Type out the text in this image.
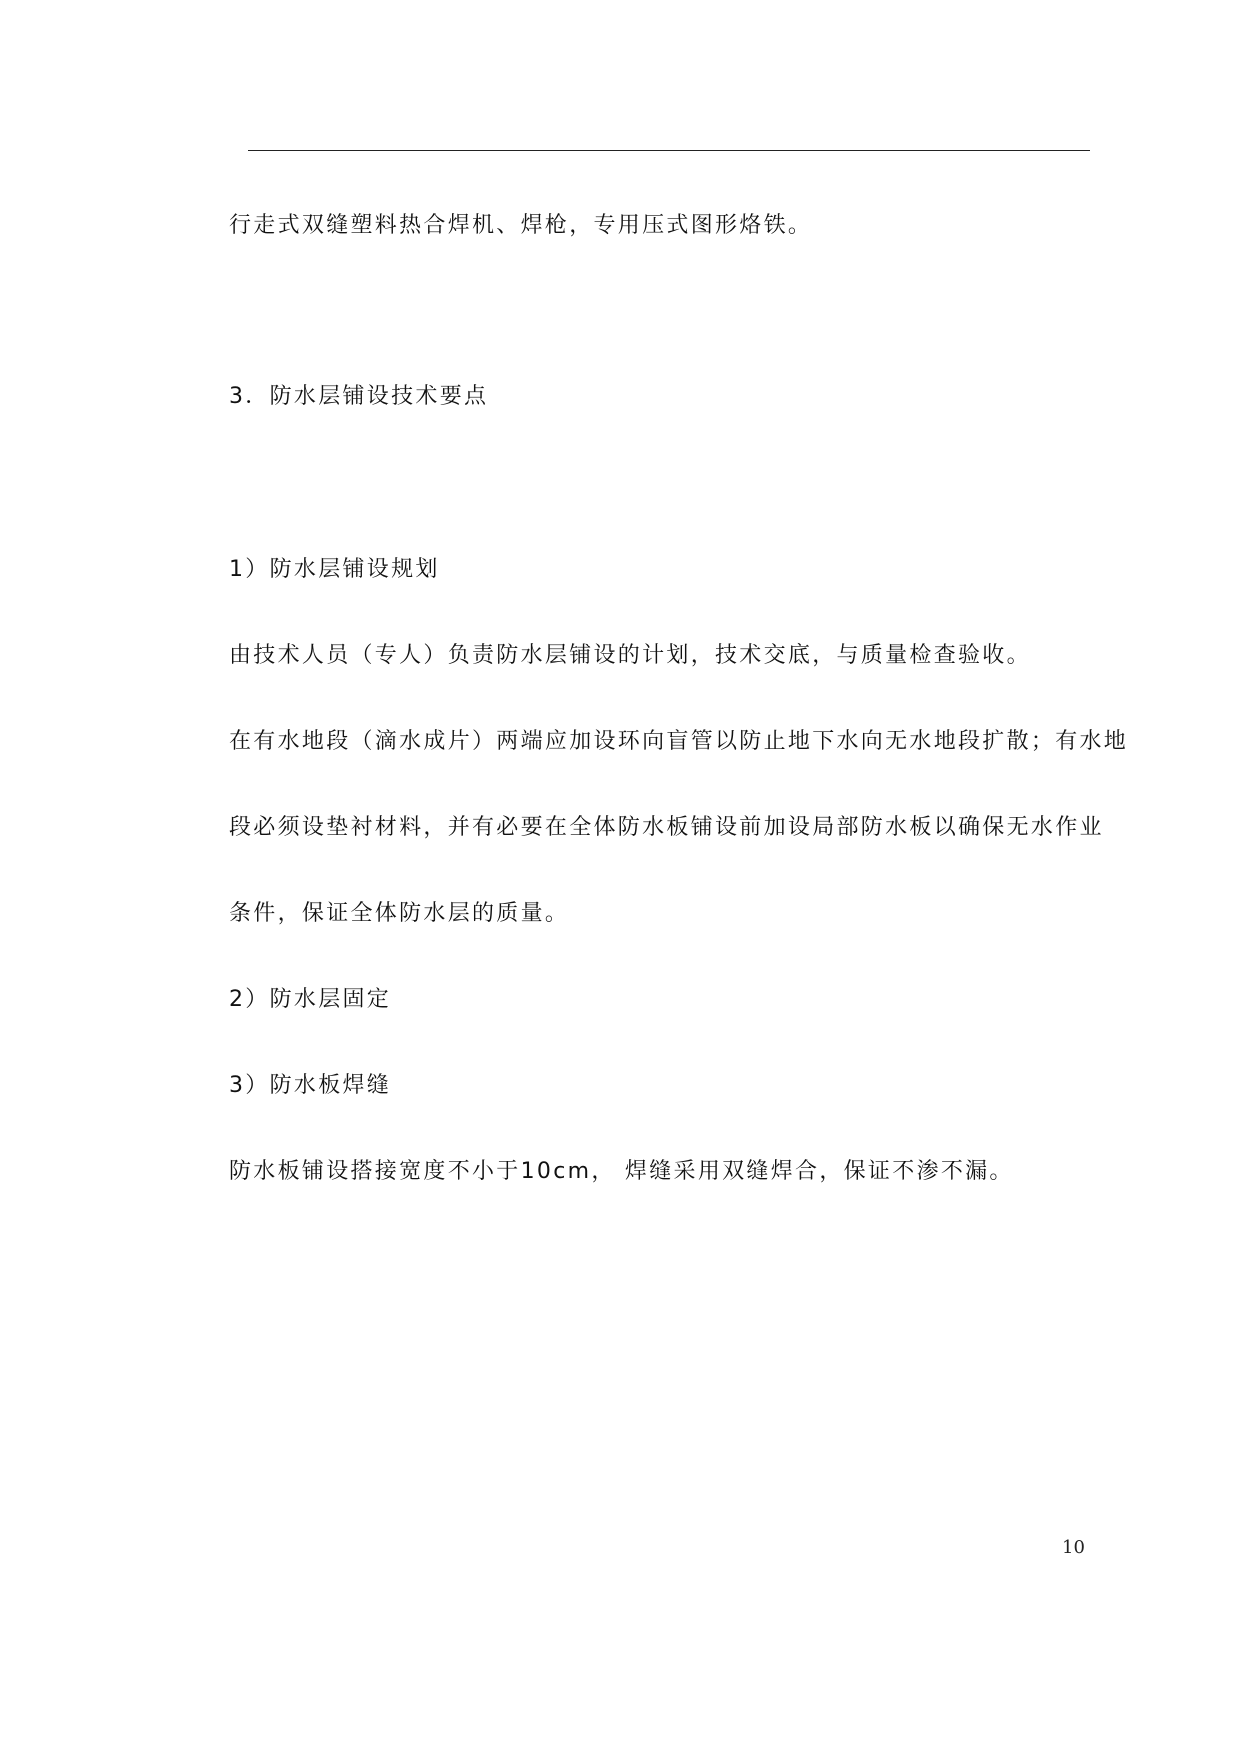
行走式双缝塑料热合焊机、焊枪，专用压式图形烙铁。
3．防水层铺设技术要点
1）防水层铺设规划
由技术人员（专人）负责防水层铺设的计划，技术交底，与质量检查验收。
在有水地段（滴水成片）两端应加设环向盲管以防止地下水向无水地段扩散；有水地
段必须设垫衬材料，并有必要在全体防水板铺设前加设局部防水板以确保无水作业
条件，保证全体防水层的质量。
2）防水层固定
3）防水板焊缝
防水板铺设搭接宽度不小于10cm， 焊缝采用双缝焊合，保证不渗不漏。
10
